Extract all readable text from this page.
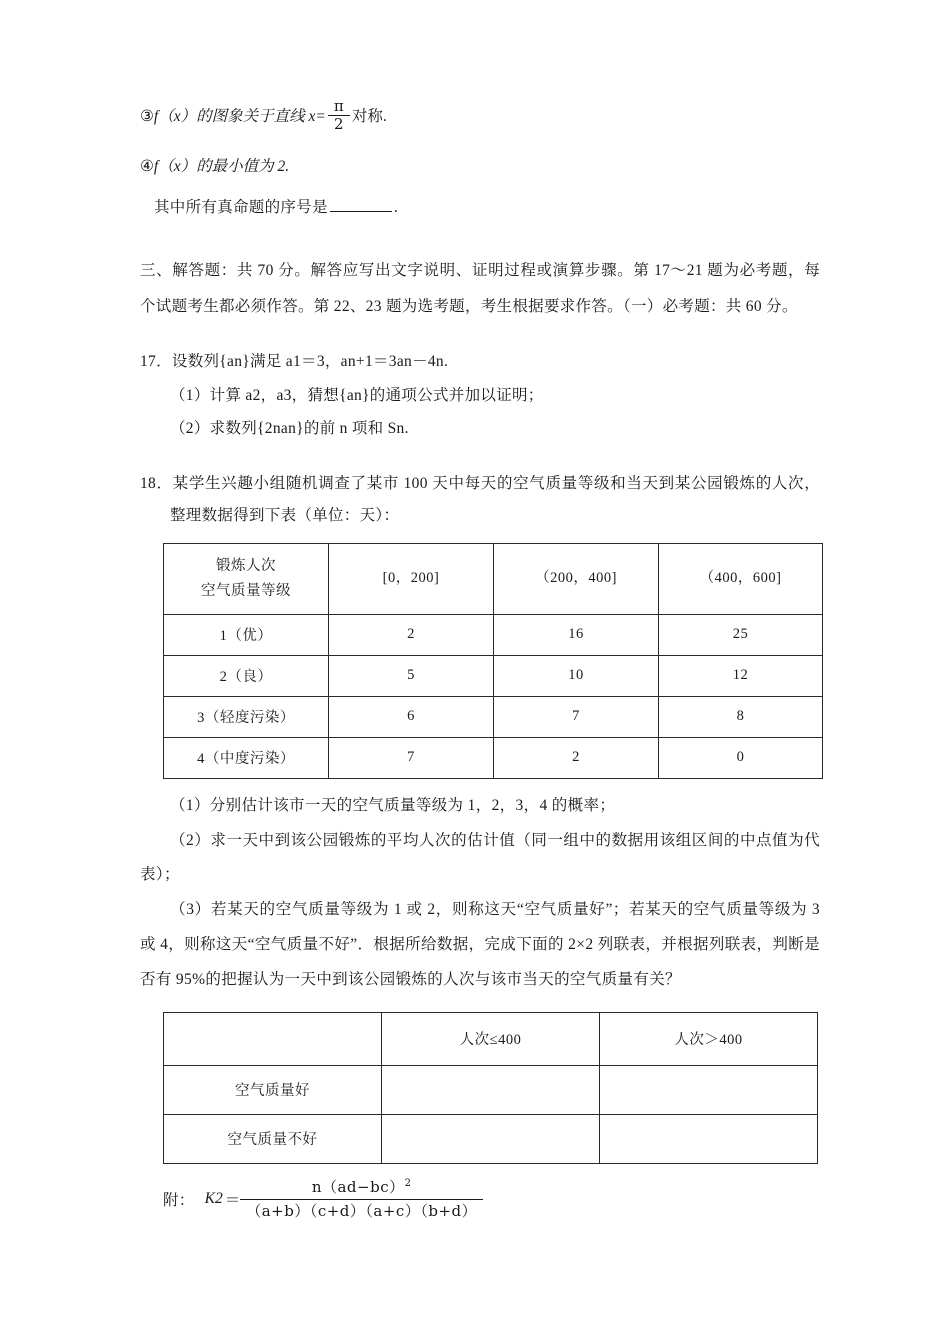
③ f（x）的图象关于直线 $x= \frac{\pi}{2}$ 对称.
④ f（x）的最小值为 2.
其中所有真命题的序号是	.
三、解答题：共 70 分。解答应写出文字说明、证明过程或演算步骤。第 17～21 题为必考题，每个试题考生都必须作答。第 22、23 题为选考题，考生根据要求作答。（一）必考题：共 60 分。
17．设数列{an}满足 a1＝3，an+1＝3an－4n.
（1）计算 a2，a3，猜想{an}的通项公式并加以证明；
（2）求数列{2nan}的前 n 项和 Sn.
18．某学生兴趣小组随机调查了某市 100 天中每天的空气质量等级和当天到某公园锻炼的人次，整理数据得到下表（单位：天）：
锻炼人次
空气质量等级	[0，200]	（200，400]	（400，600]
1（优）	2	16	25
2（良）	5	10	12
3（轻度污染）	6	7	8
4（中度污染）	7	2	0
（1）分别估计该市一天的空气质量等级为 1，2，3，4 的概率；
（2）求一天中到该公园锻炼的平均人次的估计值（同一组中的数据用该组区间的中点值为代表）；
（3）若某天的空气质量等级为 1 或 2，则称这天“空气质量好”；若某天的空气质量等级为 3 或 4，则称这天“空气质量不好”．根据所给数据，完成下面的 2×2 列联表，并根据列联表，判断是否有 95%的把握认为一天中到该公园锻炼的人次与该市当天的空气质量有关？
	人次≤400	人次＞400
空气质量好		
空气质量不好		
附： $K2 = \frac{n(ad-bc)^2}{(a+b)(c+d)(a+c)(b+d)}$
